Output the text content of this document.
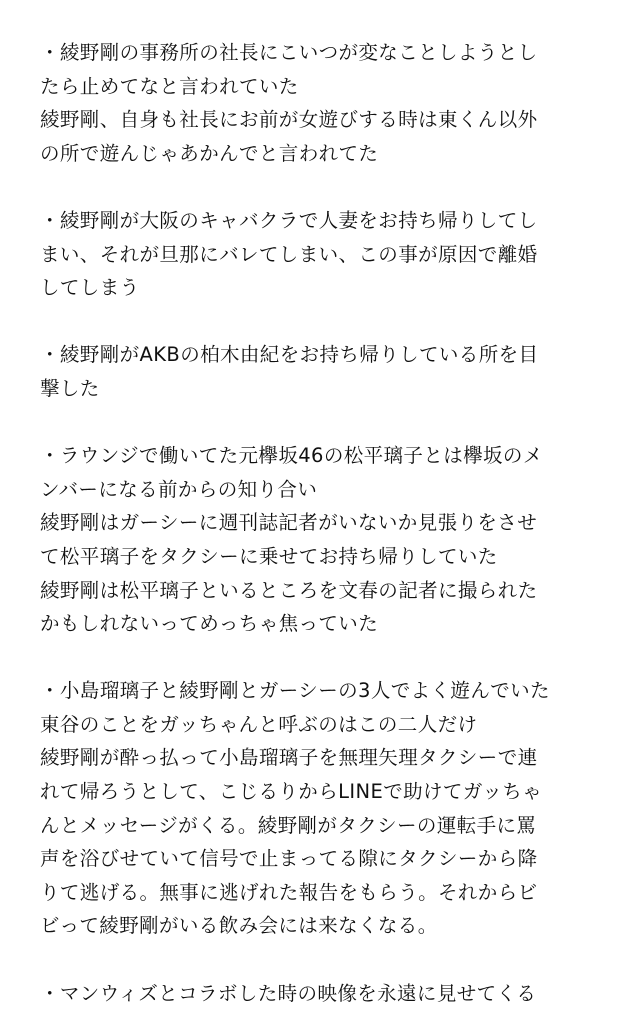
・綾野剛の事務所の社長にこいつが変なことしようとし
たら止めてなと言われていた
綾野剛、自身も社長にお前が女遊びする時は東くん以外
の所で遊んじゃあかんでと言われてた
・綾野剛が大阪のキャバクラで人妻をお持ち帰りしてし
まい、それが旦那にバレてしまい、この事が原因で離婚
してしまう
・綾野剛がAKBの柏木由紀をお持ち帰りしている所を目
撃した
・ラウンジで働いてた元欅坂46の松平璃子とは欅坂のメ
ンバーになる前からの知り合い
綾野剛はガーシーに週刊誌記者がいないか見張りをさせ
て松平璃子をタクシーに乗せてお持ち帰りしていた
綾野剛は松平璃子といるところを文春の記者に撮られた
かもしれないってめっちゃ焦っていた
・小島瑠璃子と綾野剛とガーシーの3人でよく遊んでいた
東谷のことをガッちゃんと呼ぶのはこの二人だけ
綾野剛が酔っ払って小島瑠璃子を無理矢理タクシーで連
れて帰ろうとして、こじるりからLINEで助けてガッちゃ
んとメッセージがくる。綾野剛がタクシーの運転手に罵
声を浴びせていて信号で止まってる隙にタクシーから降
りて逃げる。無事に逃げれた報告をもらう。それからビ
ビって綾野剛がいる飲み会には来なくなる。
・マンウィズとコラボした時の映像を永遠に見せてくる
